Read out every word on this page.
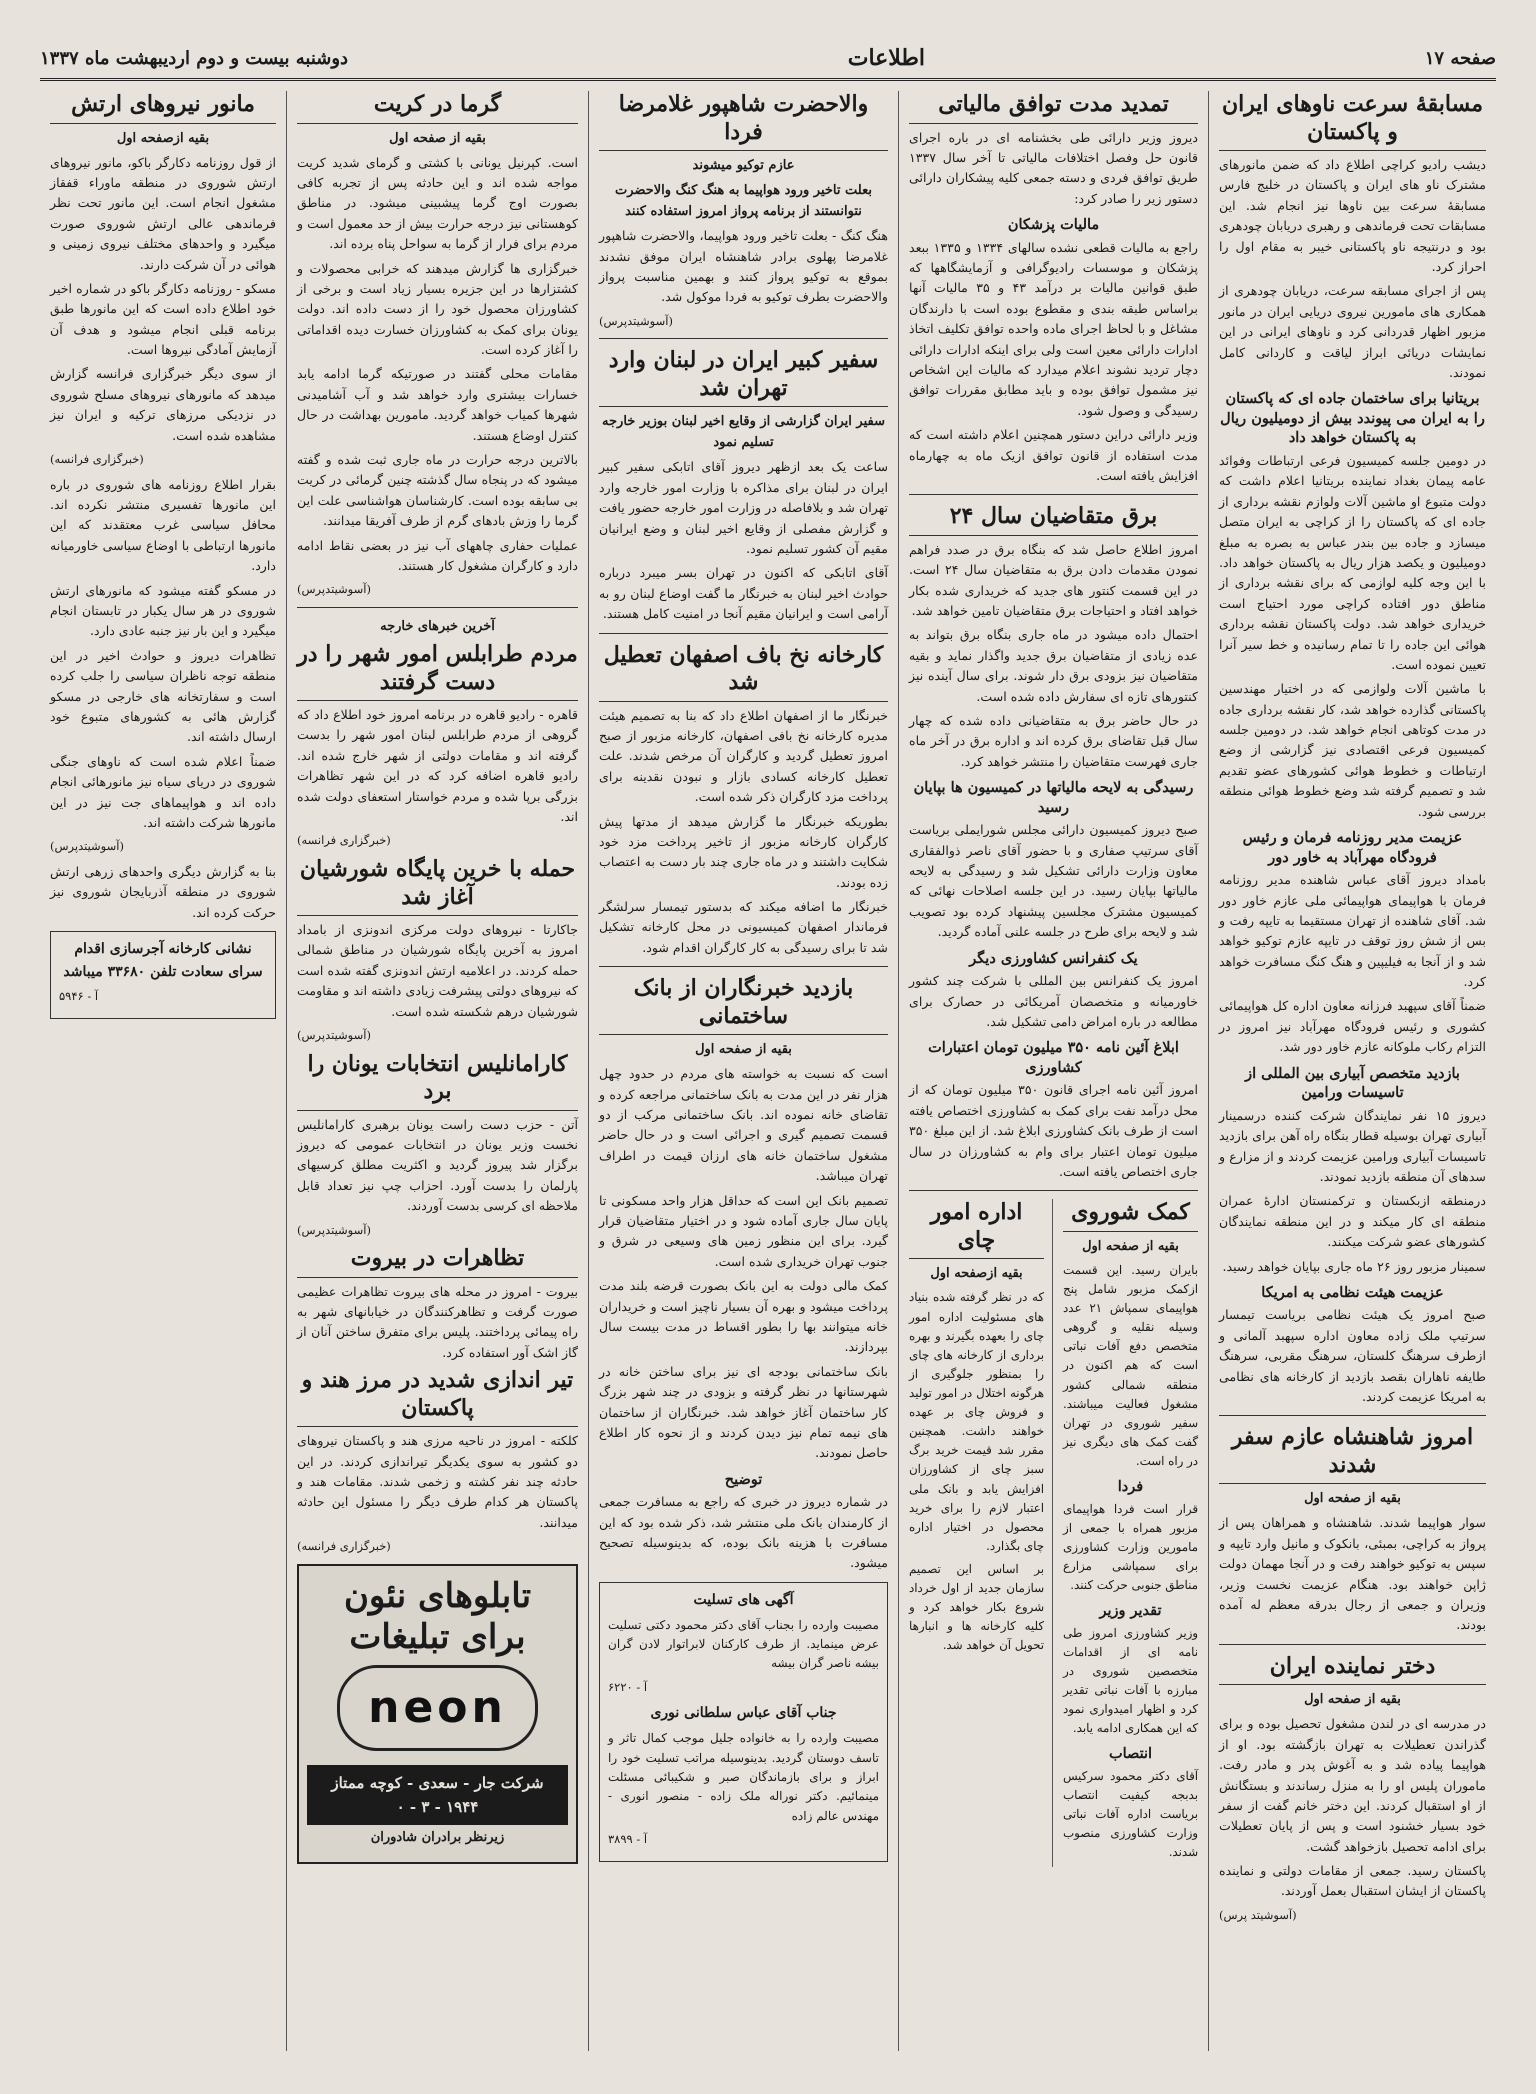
صفحه ۱۷
اطلاعات
دوشنبه بیست و دوم اردیبهشت ماه ۱۳۳۷
مسابقهٔ سرعت ناوهای ایران و پاکستان

دیشب رادیو کراچی اطلاع داد که ضمن مانورهای مشترک ناو های ایران و پاکستان در خلیج فارس مسابقهٔ سرعت بین ناوها نیز انجام شد. این مسابقات تحت فرماندهی و رهبری دریابان چودهری بود و درنتیجه ناو پاکستانی خیبر به مقام اول را احراز کرد.

پس از اجرای مسابقه سرعت، دریابان چودهری از همکاری های مامورین نیروی دریایی ایران در مانور مزبور اظهار قدردانی کرد و ناوهای ایرانی در این نمایشات دریائی ابراز لیاقت و کاردانی کامل نمودند.

بریتانیا برای ساختمان جاده ای که پاکستان را به ایران می پیوندد بیش از دومیلیون ریال به پاکستان خواهد داد

در دومین جلسه کمیسیون فرعی ارتباطات وفوائد عامه پیمان بغداد نماینده بریتانیا اعلام داشت که دولت متبوع او ماشین آلات ولوازم نقشه برداری از جاده ای که پاکستان را از کراچی به ایران متصل میسازد و جاده بین بندر عباس به بصره به مبلغ دومیلیون و یکصد هزار ریال به پاکستان خواهد داد. با این وجه کلیه لوازمی که برای نقشه برداری از مناطق دور افتاده کراچی مورد احتیاج است خریداری خواهد شد. دولت پاکستان نقشه برداری هوائی این جاده را تا تمام رسانیده و خط سیر آنرا تعیین نموده است.

با ماشین آلات ولوازمی که در اختیار مهندسین پاکستانی گذارده خواهد شد، کار نقشه برداری جاده در مدت کوتاهی انجام خواهد شد. در دومین جلسه کمیسیون فرعی اقتصادی نیز گزارشی از وضع ارتباطات و خطوط هوائی کشورهای عضو تقدیم شد و تصمیم گرفته شد وضع خطوط هوائی منطقه بررسی شود.

عزیمت مدیر روزنامه فرمان و رئیس فرودگاه مهرآباد به خاور دور

بامداد دیروز آقای عباس شاهنده مدیر روزنامه فرمان با هواپیمای هواپیمائی ملی عازم خاور دور شد. آقای شاهنده از تهران مستقیما به تایپه رفت و بس از شش روز توقف در تایپه عازم توکیو خواهد شد و از آنجا به فیلیپین و هنگ کنگ مسافرت خواهد کرد.

ضمناً آقای سپهبد فرزانه معاون اداره کل هواپیمائی کشوری و رئیس فرودگاه مهرآباد نیز امروز در التزام رکاب ملوکانه عازم خاور دور شد.

بازدید متخصص آبیاری بین المللی از تاسیسات ورامین

دیروز ۱۵ نفر نمایندگان شرکت کننده درسمینار آبیاری تهران بوسیله قطار بنگاه راه آهن برای بازدید تاسیسات آبیاری ورامین عزیمت کردند و از مزارع و سدهای آن منطقه بازدید نمودند.

درمنطقه ازبکستان و ترکمنستان ادارهٔ عمران منطقه ای کار میکند و در این منطقه نمایندگان کشورهای عضو شرکت میکنند.

سمینار مزبور روز ۲۶ ماه جاری بپایان خواهد رسید.

عزیمت هیئت نظامی به امریکا

صبح امروز یک هیئت نظامی بریاست تیمسار سرتیپ ملک زاده معاون اداره سپهبد آلمانی و ازطرف سرهنگ کلستان، سرهنگ مقربی، سرهنگ طایفه ناهاران بقصد بازدید از کارخانه های نظامی به امریکا عزیمت کردند.

امروز شاهنشاه عازم سفر شدند
بقیه از صفحه اول

سوار هواپیما شدند. شاهنشاه و همراهان پس از پرواز به کراچی، بمبئی، بانکوک و مانیل وارد تایپه و سپس به توکیو خواهند رفت و در آنجا مهمان دولت ژاپن خواهند بود. هنگام عزیمت نخست وزیر، وزیران و جمعی از رجال بدرقه معظم له آمده بودند.

دختر نماینده ایران
بقیه از صفحه اول

در مدرسه ای در لندن مشغول تحصیل بوده و برای گذراندن تعطیلات به تهران بازگشته بود. او از هواپیما پیاده شد و به آغوش پدر و مادر رفت. ماموران پلیس او را به منزل رساندند و بستگانش از او استقبال کردند. این دختر خانم گفت از سفر خود بسیار خشنود است و پس از پایان تعطیلات برای ادامه تحصیل بازخواهد گشت.

پاکستان رسید. جمعی از مقامات دولتی و نماینده پاکستان از ایشان استقبال بعمل آوردند.

(آسوشیتد پرس)
تمدید مدت توافق مالیاتی

دیروز وزیر دارائی طی بخشنامه ای در باره اجرای قانون حل وفصل اختلافات مالیاتی تا آخر سال ۱۳۳۷ طریق توافق فردی و دسته جمعی کلیه پیشکاران دارائی دستور زیر را صادر کرد:

مالیات پزشکان

راجع به مالیات قطعی نشده سالهای ۱۳۳۴ و ۱۳۳۵ ببعد پزشکان و موسسات رادیوگرافی و آزمایشگاهها که طبق قوانین مالیات بر درآمد ۴۳ و ۳۵ مالیات آنها براساس طبقه بندی و مقطوع بوده است با دارندگان مشاغل و با لحاظ اجرای ماده واحده توافق تکلیف اتخاذ ادارات دارائی معین است ولی برای اینکه ادارات دارائی دچار تردید نشوند اعلام میدارد که مالیات این اشخاص نیز مشمول توافق بوده و باید مطابق مقررات توافق رسیدگی و وصول شود.

وزیر دارائی دراین دستور همچنین اعلام داشته است که مدت استفاده از قانون توافق ازیک ماه به چهارماه افزایش یافته است.

برق متقاضیان سال ۲۴

امروز اطلاع حاصل شد که بنگاه برق در صدد فراهم نمودن مقدمات دادن برق به متقاضیان سال ۲۴ است. در این قسمت کنتور های جدید که خریداری شده بکار خواهد افتاد و احتیاجات برق متقاضیان تامین خواهد شد.

احتمال داده میشود در ماه جاری بنگاه برق بتواند به عده زیادی از متقاضیان برق جدید واگذار نماید و بقیه متقاضیان نیز بزودی برق دار شوند. برای سال آینده نیز کنتورهای تازه ای سفارش داده شده است.

در حال حاضر برق به متقاضیانی داده شده که چهار سال قبل تقاضای برق کرده اند و اداره برق در آخر ماه جاری فهرست متقاضیان را منتشر خواهد کرد.

رسیدگی به لایحه مالیاتها در کمیسیون ها بپایان رسید

صبح دیروز کمیسیون دارائی مجلس شورایملی بریاست آقای سرتیپ صفاری و با حضور آقای ناصر ذوالفقاری معاون وزارت دارائی تشکیل شد و رسیدگی به لایحه مالیاتها بپایان رسید. در این جلسه اصلاحات نهائی که کمیسیون مشترک مجلسین پیشنهاد کرده بود تصویب شد و لایحه برای طرح در جلسه علنی آماده گردید.

یک کنفرانس کشاورزی دیگر

امروز یک کنفرانس بین المللی با شرکت چند کشور خاورمیانه و متخصصان آمریکائی در حصارک برای مطالعه در باره امراض دامی تشکیل شد.

ابلاغ آئین نامه ۳۵۰ میلیون تومان اعتبارات کشاورزی

امروز آئین نامه اجرای قانون ۳۵۰ میلیون تومان که از محل درآمد نفت برای کمک به کشاورزی اختصاص یافته است از طرف بانک کشاورزی ابلاغ شد. از این مبلغ ۳۵۰ میلیون تومان اعتبار برای وام به کشاورزان در سال جاری اختصاص یافته است.

کمک شوروی
بقیه از صفحه اول

بایران رسید. این قسمت ازکمک مزبور شامل پنج هواپیمای سمپاش ۲۱ عدد وسیله نقلیه و گروهی متخصص دفع آفات نباتی است که هم اکنون در منطقه شمالی کشور مشغول فعالیت میباشند. سفیر شوروی در تهران گفت کمک های دیگری نیز در راه است.

فردا

قرار است فردا هواپیمای مزبور همراه با جمعی از مامورین وزارت کشاورزی برای سمپاشی مزارع مناطق جنوبی حرکت کنند.

تقدیر وزیر

وزیر کشاورزی امروز طی نامه ای از اقدامات متخصصین شوروی در مبارزه با آفات نباتی تقدیر کرد و اظهار امیدواری نمود که این همکاری ادامه یابد.

انتصاب

آقای دکتر محمود سرکیس بدبجه کیفیت انتصاب بریاست اداره آفات نباتی وزارت کشاورزی منصوب شدند.

اداره امور چای
بقیه ازصفحه اول

که در نظر گرفته شده بنیاد های مسئولیت اداره امور چای را بعهده بگیرند و بهره برداری از کارخانه های چای را بمنظور جلوگیری از هرگونه اختلال در امور تولید و فروش چای بر عهده خواهند داشت. همچنین مقرر شد قیمت خرید برگ سبز چای از کشاورزان افزایش یابد و بانک ملی اعتبار لازم را برای خرید محصول در اختیار اداره چای بگذارد.

بر اساس این تصمیم سازمان جدید از اول خرداد شروع بکار خواهد کرد و کلیه کارخانه ها و انبارها تحویل آن خواهد شد.

والاحضرت شاهپور غلامرضا فردا
عازم توکیو میشوند
بعلت تاخیر ورود هواپیما به هنگ کنگ والاحضرت نتوانستند از برنامه پرواز امروز استفاده کنند

هنگ کنگ - بعلت تاخیر ورود هواپیما، والاحضرت شاهپور غلامرضا پهلوی برادر شاهنشاه ایران موفق نشدند بموقع به توکیو پرواز کنند و بهمین مناسبت پرواز والاحضرت بطرف توکیو به فردا موکول شد.

(آسوشیتدپرس)
سفیر کبیر ایران در لبنان وارد تهران شد
سفیر ایران گزارشی از وقایع اخیر لبنان بوزیر خارجه تسلیم نمود

ساعت یک بعد ازظهر دیروز آقای اتابکی سفیر کبیر ایران در لبنان برای مذاکره با وزارت امور خارجه وارد تهران شد و بلافاصله در وزارت امور خارجه حضور یافت و گزارش مفصلی از وقایع اخیر لبنان و وضع ایرانیان مقیم آن کشور تسلیم نمود.

آقای اتابکی که اکنون در تهران بسر میبرد درباره حوادث اخیر لبنان به خبرنگار ما گفت اوضاع لبنان رو به آرامی است و ایرانیان مقیم آنجا در امنیت کامل هستند.

کارخانه نخ باف اصفهان تعطیل شد

خبرنگار ما از اصفهان اطلاع داد که بنا به تصمیم هیئت مدیره کارخانه نخ بافی اصفهان، کارخانه مزبور از صبح امروز تعطیل گردید و کارگران آن مرخص شدند. علت تعطیل کارخانه کسادی بازار و نبودن نقدینه برای پرداخت مزد کارگران ذکر شده است.

بطوریکه خبرنگار ما گزارش میدهد از مدتها پیش کارگران کارخانه مزبور از تاخیر پرداخت مزد خود شکایت داشتند و در ماه جاری چند بار دست به اعتصاب زده بودند.

خبرنگار ما اضافه میکند که بدستور تیمسار سرلشگر فرماندار اصفهان کمیسیونی در محل کارخانه تشکیل شد تا برای رسیدگی به کار کارگران اقدام شود.

بازدید خبرنگاران از بانک ساختمانی
بقیه از صفحه اول

است که نسبت به خواسته های مردم در حدود چهل هزار نفر در این مدت به بانک ساختمانی مراجعه کرده و تقاضای خانه نموده اند. بانک ساختمانی مرکب از دو قسمت تصمیم گیری و اجرائی است و در حال حاضر مشغول ساختمان خانه های ارزان قیمت در اطراف تهران میباشد.

تصمیم بانک این است که حداقل هزار واحد مسکونی تا پایان سال جاری آماده شود و در اختیار متقاضیان قرار گیرد. برای این منظور زمین های وسیعی در شرق و جنوب تهران خریداری شده است.

کمک مالی دولت به این بانک بصورت قرضه بلند مدت پرداخت میشود و بهره آن بسیار ناچیز است و خریداران خانه میتوانند بها را بطور اقساط در مدت بیست سال بپردازند.

بانک ساختمانی بودجه ای نیز برای ساختن خانه در شهرستانها در نظر گرفته و بزودی در چند شهر بزرگ کار ساختمان آغاز خواهد شد. خبرنگاران از ساختمان های نیمه تمام نیز دیدن کردند و از نحوه کار اطلاع حاصل نمودند.

توضیح

در شماره دیروز در خبری که راجع به مسافرت جمعی از کارمندان بانک ملی منتشر شد، ذکر شده بود که این مسافرت با هزینه بانک بوده، که بدینوسیله تصحیح میشود.

آگهی های تسلیت

مصیبت وارده را بجناب آقای دکتر محمود دکتی تسلیت عرض مینماید. از طرف کارکنان لابراتوار لادن گران بیشه ناصر گران بیشه

آ - ۶۲۲۰
جناب آقای عباس سلطانی نوری

مصیبت وارده را به خانواده جلیل موجب کمال تاثر و تاسف دوستان گردید. بدینوسیله مراتب تسلیت خود را ابراز و برای بازماندگان صبر و شکیبائی مسئلت مینمائیم. دکتر نوراله ملک زاده - منصور انوری - مهندس عالم زاده

آ - ۳۸۹۹
گرما در کریت
بقیه از صفحه اول

است. کپرنیل یونانی با کشتی و گرمای شدید کریت مواجه شده اند و این حادثه پس از تجربه کافی بصورت اوج گرما پیشبینی میشود. در مناطق کوهستانی نیز درجه حرارت بیش از حد معمول است و مردم برای فرار از گرما به سواحل پناه برده اند.

خبرگزاری ها گزارش میدهند که خرابی محصولات و کشتزارها در این جزیره بسیار زیاد است و برخی از کشاورزان محصول خود را از دست داده اند. دولت یونان برای کمک به کشاورزان خسارت دیده اقداماتی را آغاز کرده است.

مقامات محلی گفتند در صورتیکه گرما ادامه یابد خسارات بیشتری وارد خواهد شد و آب آشامیدنی شهرها کمیاب خواهد گردید. مامورین بهداشت در حال کنترل اوضاع هستند.

بالاترین درجه حرارت در ماه جاری ثبت شده و گفته میشود که در پنجاه سال گذشته چنین گرمائی در کریت بی سابقه بوده است. کارشناسان هواشناسی علت این گرما را وزش بادهای گرم از طرف آفریقا میدانند.

عملیات حفاری چاههای آب نیز در بعضی نقاط ادامه دارد و کارگران مشغول کار هستند.

(آسوشیتدپرس)
آخرین خبرهای خارجه
مردم طرابلس امور شهر را در دست گرفتند

قاهره - رادیو قاهره در برنامه امروز خود اطلاع داد که گروهی از مردم طرابلس لبنان امور شهر را بدست گرفته اند و مقامات دولتی از شهر خارج شده اند. رادیو قاهره اضافه کرد که در این شهر تظاهرات بزرگی برپا شده و مردم خواستار استعفای دولت شده اند.

(خبرگزاری فرانسه)
حمله با خرین پایگاه شورشیان آغاز شد

جاکارتا - نیروهای دولت مرکزی اندونزی از بامداد امروز به آخرین پایگاه شورشیان در مناطق شمالی حمله کردند. در اعلامیه ارتش اندونزی گفته شده است که نیروهای دولتی پیشرفت زیادی داشته اند و مقاومت شورشیان درهم شکسته شده است.

(آسوشیتدپرس)
کارامانلیس انتخابات یونان را برد

آتن - حزب دست راست یونان برهبری کارامانلیس نخست وزیر یونان در انتخابات عمومی که دیروز برگزار شد پیروز گردید و اکثریت مطلق کرسیهای پارلمان را بدست آورد. احزاب چپ نیز تعداد قابل ملاحظه ای کرسی بدست آوردند.

(آسوشیتدپرس)
تظاهرات در بیروت

بیروت - امروز در محله های بیروت تظاهرات عظیمی صورت گرفت و تظاهرکنندگان در خیابانهای شهر به راه پیمائی پرداختند. پلیس برای متفرق ساختن آنان از گاز اشک آور استفاده کرد.

تیر اندازی شدید در مرز هند و پاکستان

کلکته - امروز در ناحیه مرزی هند و پاکستان نیروهای دو کشور به سوی یکدیگر تیراندازی کردند. در این حادثه چند نفر کشته و زخمی شدند. مقامات هند و پاکستان هر کدام طرف دیگر را مسئول این حادثه میدانند.

(خبرگزاری فرانسه)
تابلوهای نئون برای تبلیغات
neon
شرکت جار - سعدی - کوچه ممتاز ۱۹۴۴ - ۳ - ۰
زیرنظر برادران شادوران
مانور نیروهای ارتش
بقیه ازصفحه اول

از قول روزنامه دکارگر باکو، مانور نیروهای ارتش شوروی در منطقه ماوراء قفقاز مشغول انجام است. این مانور تحت نظر فرماندهی عالی ارتش شوروی صورت میگیرد و واحدهای مختلف نیروی زمینی و هوائی در آن شرکت دارند.

مسکو - روزنامه دکارگر باکو در شماره اخیر خود اطلاع داده است که این مانورها طبق برنامه قبلی انجام میشود و هدف آن آزمایش آمادگی نیروها است.

از سوی دیگر خبرگزاری فرانسه گزارش میدهد که مانورهای نیروهای مسلح شوروی در نزدیکی مرزهای ترکیه و ایران نیز مشاهده شده است.

(خبرگزاری فرانسه)

بقرار اطلاع روزنامه های شوروی در باره این مانورها تفسیری منتشر نکرده اند. محافل سیاسی غرب معتقدند که این مانورها ارتباطی با اوضاع سیاسی خاورمیانه دارد.

در مسکو گفته میشود که مانورهای ارتش شوروی در هر سال یکبار در تابستان انجام میگیرد و این بار نیز جنبه عادی دارد.

تظاهرات دیروز و حوادث اخیر در این منطقه توجه ناظران سیاسی را جلب کرده است و سفارتخانه های خارجی در مسکو گزارش هائی به کشورهای متبوع خود ارسال داشته اند.

ضمناً اعلام شده است که ناوهای جنگی شوروی در دریای سیاه نیز مانورهائی انجام داده اند و هواپیماهای جت نیز در این مانورها شرکت داشته اند.

(آسوشیتدپرس)

بنا به گزارش دیگری واحدهای زرهی ارتش شوروی در منطقه آذربایجان شوروی نیز حرکت کرده اند.

نشانی کارخانه آجرسازی اقدام سرای سعادت تلفن ۳۳۶۸۰ میباشد
آ - ۵۹۴۶
